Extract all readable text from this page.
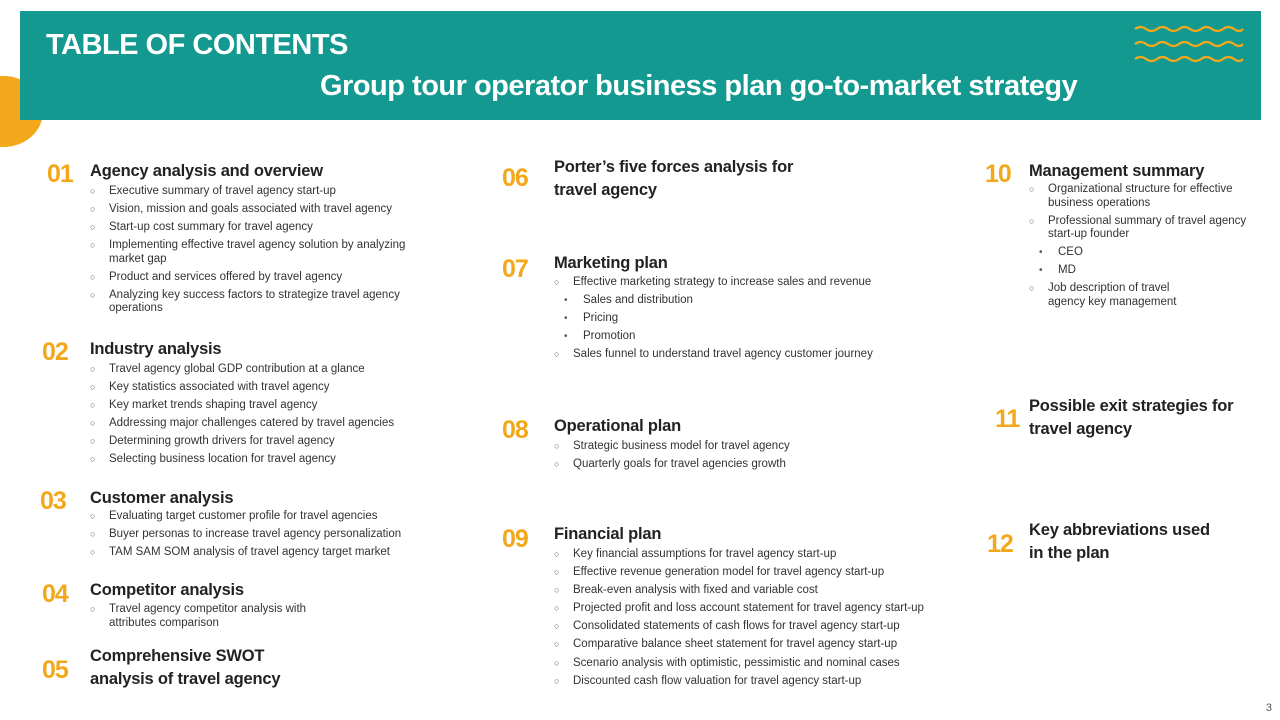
TABLE OF CONTENTS
Group tour operator business plan go-to-market strategy
01 Agency analysis and overview
○ Executive summary of travel agency start-up
○ Vision, mission and goals associated with travel agency
○ Start-up cost summary for travel agency
○ Implementing effective travel agency solution by analyzing market gap
○ Product and services offered by travel agency
○ Analyzing key success factors to strategize travel agency operations
02 Industry analysis
○ Travel agency global GDP contribution at a glance
○ Key statistics associated with travel agency
○ Key market trends shaping travel agency
○ Addressing major challenges catered by travel agencies
○ Determining growth drivers for travel agency
○ Selecting business location for travel agency
03 Customer analysis
○ Evaluating target customer profile for travel agencies
○ Buyer personas to increase travel agency personalization
○ TAM SAM SOM analysis of travel agency target market
04 Competitor analysis
○ Travel agency competitor analysis with attributes comparison
05 Comprehensive SWOT
analysis of travel agency
06 Porter’s five forces analysis for
travel agency
07 Marketing plan
○ Effective marketing strategy to increase sales and revenue
• Sales and distribution
• Pricing
• Promotion
○ Sales funnel to understand travel agency customer journey
08 Operational plan
○ Strategic business model for travel agency
○ Quarterly goals for travel agencies growth
09 Financial plan
○ Key financial assumptions for travel agency start-up
○ Effective revenue generation model for travel agency start-up
○ Break-even analysis with fixed and variable cost
○ Projected profit and loss account statement for travel agency start-up
○ Consolidated statements of cash flows for travel agency start-up
○ Comparative balance sheet statement for travel agency start-up
○ Scenario analysis with optimistic, pessimistic and nominal cases
○ Discounted cash flow valuation for travel agency start-up
10 Management summary
○ Organizational structure for effective business operations
○ Professional summary of travel agency start-up founder
• CEO
• MD
○ Job description of travel agency key management
11 Possible exit strategies for
travel agency
12 Key abbreviations used
in the plan
3
